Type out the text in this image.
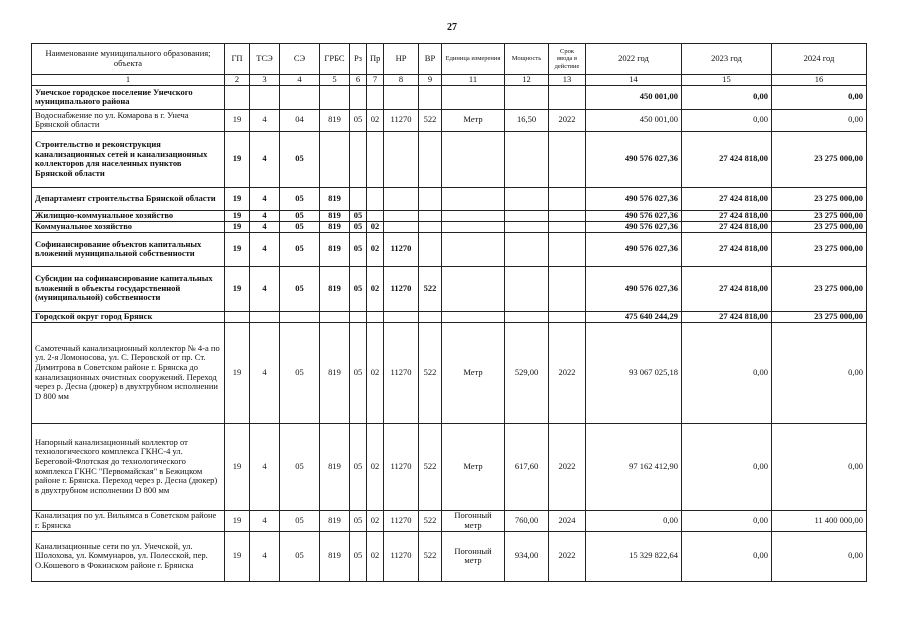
27
Наименование муниципального образования; объекта	ГП	ТСЭ	СЭ	ГРБС	Рз	Пр	НР	ВР	Единица измерения	Мощность	Срок ввода в действие	2022 год	2023 год	2024 год
1	2	3	4	5	6	7	8	9	11	12	13	14	15	16
Унечское городское поселение Унечского муниципального района												450 001,00	0,00	0,00
Водоснабжение по ул. Комарова в г. Унеча Брянской области	19	4	04	819	05	02	11270	522	Метр	16,50	2022	450 001,00	0,00	0,00
Строительство и реконструкция канализационных сетей и канализационных коллекторов для населенных пунктов Брянской области	19	4	05									490 576 027,36	27 424 818,00	23 275 000,00
Департамент строительства Брянской области	19	4	05	819								490 576 027,36	27 424 818,00	23 275 000,00
Жилищно-коммунальное хозяйство	19	4	05	819	05							490 576 027,36	27 424 818,00	23 275 000,00
Коммунальное хозяйство	19	4	05	819	05	02						490 576 027,36	27 424 818,00	23 275 000,00
Софинансирование объектов капитальных вложений муниципальной собственности	19	4	05	819	05	02	11270					490 576 027,36	27 424 818,00	23 275 000,00
Субсидии на софинансирование капитальных вложений в объекты государственной (муниципальной) собственности	19	4	05	819	05	02	11270	522				490 576 027,36	27 424 818,00	23 275 000,00
Городской округ город Брянск												475 640 244,29	27 424 818,00	23 275 000,00
Самотечный канализационный коллектор № 4-а по ул. 2-я Ломоносова, ул. С. Перовской от пр. Ст. Димитрова в Советском районе г. Брянска до канализационных очистных сооружений. Переход через р. Десна (дюкер) в двухтрубном исполнении D 800 мм	19	4	05	819	05	02	11270	522	Метр	529,00	2022	93 067 025,18	0,00	0,00
Напорный канализационный коллектор от технологического комплекса ГКНС-4 ул. Береговой-Флотская до технологического комплекса ГКНС "Первомайская" в Бежицком районе г. Брянска. Переход через р. Десна (дюкер) в двухтрубном исполнении D 800 мм	19	4	05	819	05	02	11270	522	Метр	617,60	2022	97 162 412,90	0,00	0,00
Канализация по ул. Вильямса в Советском районе г. Брянска	19	4	05	819	05	02	11270	522	Погонный метр	760,00	2024	0,00	0,00	11 400 000,00
Канализационные сети по ул. Унечской, ул. Шолохова, ул. Коммунаров, ул. Полесской, пер. О.Кошевого в Фокинском районе г. Брянска	19	4	05	819	05	02	11270	522	Погонный метр	934,00	2022	15 329 822,64	0,00	0,00
